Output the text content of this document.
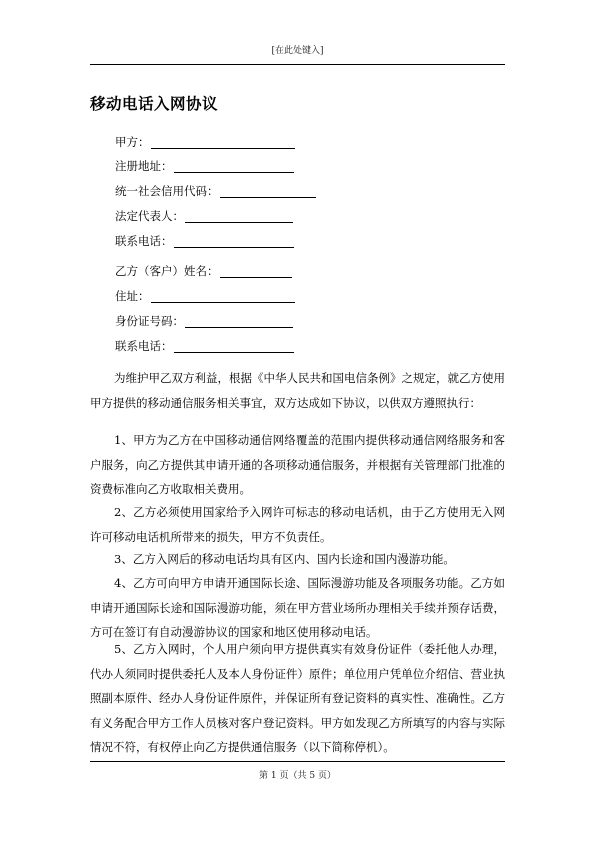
[在此处键入]
移动电话入网协议
甲方：
注册地址：
统一社会信用代码：
法定代表人：
联系电话：
乙方（客户）姓名：
住址：
身份证号码：
联系电话：

为维护甲乙双方利益，根据《中华人民共和国电信条例》之规定，就乙方使用甲方提供的移动通信服务相关事宜，双方达成如下协议，以供双方遵照执行：

1、甲方为乙方在中国移动通信网络覆盖的范围内提供移动通信网络服务和客户服务，向乙方提供其申请开通的各项移动通信服务，并根据有关管理部门批准的资费标准向乙方收取相关费用。

2、乙方必须使用国家给予入网许可标志的移动电话机，由于乙方使用无入网许可移动电话机所带来的损失，甲方不负责任。

3、乙方入网后的移动电话均具有区内、国内长途和国内漫游功能。

4、乙方可向甲方申请开通国际长途、国际漫游功能及各项服务功能。乙方如申请开通国际长途和国际漫游功能，须在甲方营业场所办理相关手续并预存话费，方可在签订有自动漫游协议的国家和地区使用移动电话。

5、乙方入网时，个人用户须向甲方提供真实有效身份证件（委托他人办理，代办人须同时提供委托人及本人身份证件）原件；单位用户凭单位介绍信、营业执照副本原件、经办人身份证件原件，并保证所有登记资料的真实性、准确性。乙方有义务配合甲方工作人员核对客户登记资料。甲方如发现乙方所填写的内容与实际情况不符，有权停止向乙方提供通信服务（以下简称停机）。

第 1 页（共 5 页）
